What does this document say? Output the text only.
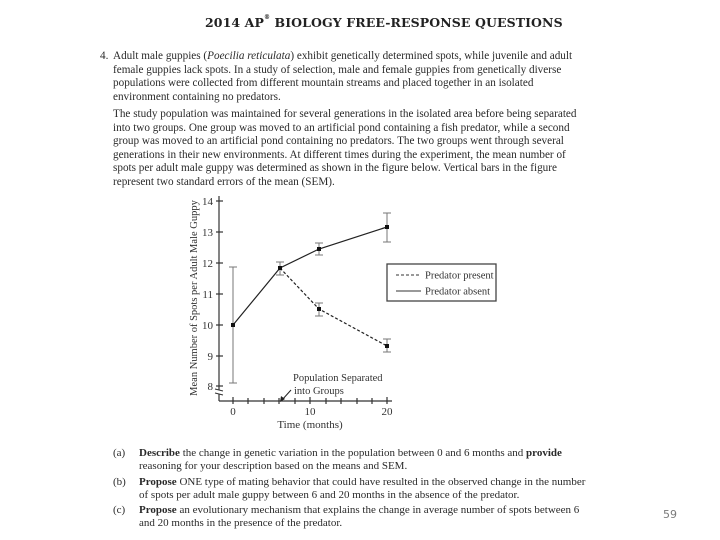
2014 AP® BIOLOGY FREE-RESPONSE QUESTIONS
4. Adult male guppies (Poecilia reticulata) exhibit genetically determined spots, while juvenile and adult female guppies lack spots. In a study of selection, male and female guppies from genetically diverse populations were collected from different mountain streams and placed together in an isolated environment containing no predators.
The study population was maintained for several generations in the isolated area before being separated into two groups. One group was moved to an artificial pond containing a fish predator, while a second group was moved to an artificial pond containing no predators. The two groups went through several generations in their new environments. At different times during the experiment, the mean number of spots per adult male guppy was determined as shown in the figure below. Vertical bars in the figure represent two standard errors of the mean (SEM).
14
13
12
11
10
9
8
0	10	20
Time (months)
Mean Number of Spots per Adult Male Guppy	Predator present
Predator absent
Population Separated
into Groups
(a) Describe the change in genetic variation in the population between 0 and 6 months and provide reasoning for your description based on the means and SEM.
(b) Propose ONE type of mating behavior that could have resulted in the observed change in the number of spots per adult male guppy between 6 and 20 months in the absence of the predator.
(c) Propose an evolutionary mechanism that explains the change in average number of spots between 6 and 20 months in the presence of the predator.
59
